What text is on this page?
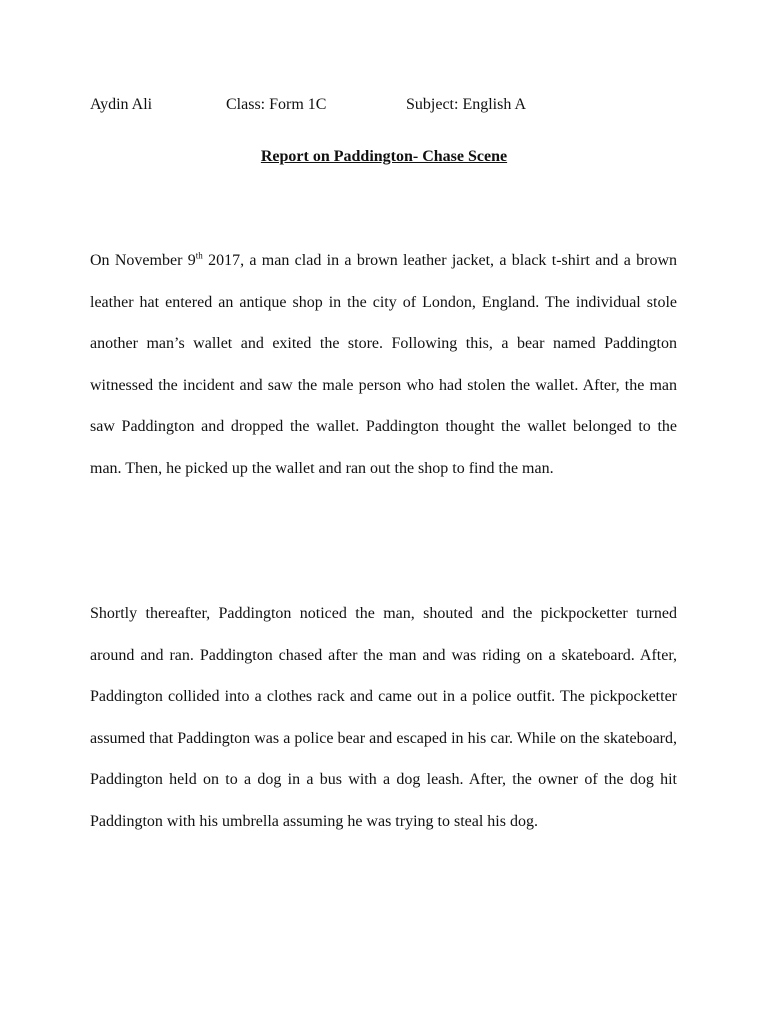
Aydin Ali	Class: Form 1C	Subject: English A
Report on Paddington- Chase Scene

On November 9th 2017, a man clad in a brown leather jacket, a black t-shirt and a brown leather hat entered an antique shop in the city of London, England. The individual stole another man’s wallet and exited the store. Following this, a bear named Paddington witnessed the incident and saw the male person who had stolen the wallet. After, the man saw Paddington and dropped the wallet. Paddington thought the wallet belonged to the man. Then, he picked up the wallet and ran out the shop to find the man.

Shortly thereafter, Paddington noticed the man, shouted and the pickpocketter turned around and ran. Paddington chased after the man and was riding on a skateboard. After, Paddington collided into a clothes rack and came out in a police outfit. The pickpocketter assumed that Paddington was a police bear and escaped in his car. While on the skateboard, Paddington held on to a dog in a bus with a dog leash. After, the owner of the dog hit Paddington with his umbrella assuming he was trying to steal his dog.
